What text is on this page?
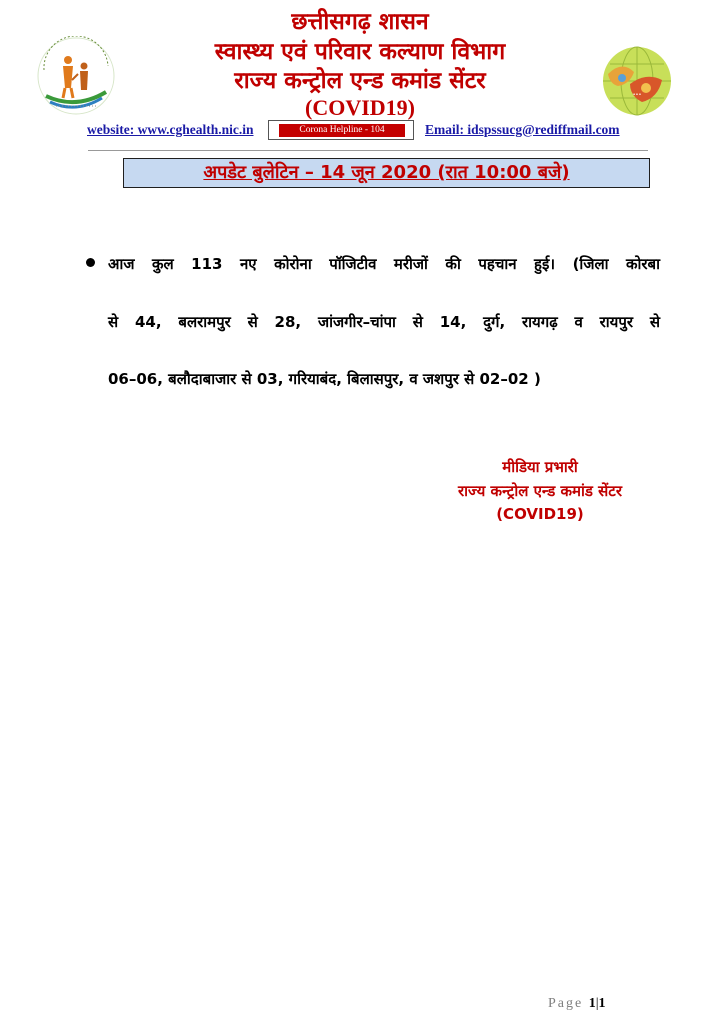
•••
छत्तीसगढ़ शासन
स्वास्थ्य एवं परिवार कल्याण विभाग
राज्य कन्ट्रोल एन्ड कमांड सेंटर
(COVID19)
website: www.cghealth.nic.in	Corona Helpline - 104	Email: idspssucg@rediffmail.com
अपडेट बुलेटिन – 14 जून 2020 (रात 10:00 बजे)
आज कुल 113 नए कोरोना पॉजिटीव मरीजों की पहचान हुई। (जिला कोरबा
से 44, बलरामपुर से 28, जांजगीर–चांपा से 14, दुर्ग, रायगढ़ व रायपुर से
06–06, बलौदाबाजार से 03, गरियाबंद, बिलासपुर, व जशपुर से 02–02 )
मीडिया प्रभारी
राज्य कन्ट्रोल एन्ड कमांड सेंटर
(COVID19)
Page 1|1
